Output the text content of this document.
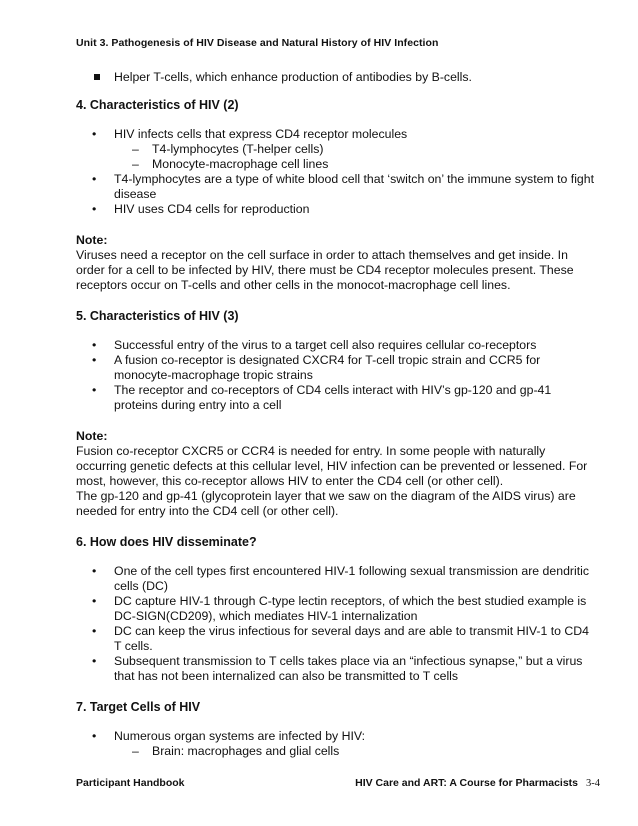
Unit 3. Pathogenesis of HIV Disease and Natural History of HIV Infection

Helper T-cells, which enhance production of antibodies by B-cells.

4. Characteristics of HIV (2)

• HIV infects cells that express CD4 receptor molecules
– T4-lymphocytes (T-helper cells)
– Monocyte-macrophage cell lines
• T4-lymphocytes are a type of white blood cell that ‘switch on’ the immune system to fight disease
• HIV uses CD4 cells for reproduction

Note:

Viruses need a receptor on the cell surface in order to attach themselves and get inside. In order for a cell to be infected by HIV, there must be CD4 receptor molecules present. These receptors occur on T-cells and other cells in the monocot-macrophage cell lines.

5. Characteristics of HIV (3)

• Successful entry of the virus to a target cell also requires cellular co-receptors
• A fusion co-receptor is designated CXCR4 for T-cell tropic strain and CCR5 for monocyte-macrophage tropic strains
• The receptor and co-receptors of CD4 cells interact with HIV’s gp-120 and gp-41 proteins during entry into a cell

Note:

Fusion co-receptor CXCR5 or CCR4 is needed for entry. In some people with naturally occurring genetic defects at this cellular level, HIV infection can be prevented or lessened. For most, however, this co-receptor allows HIV to enter the CD4 cell (or other cell).

The gp-120 and gp-41 (glycoprotein layer that we saw on the diagram of the AIDS virus) are needed for entry into the CD4 cell (or other cell).

6. How does HIV disseminate?

• One of the cell types first encountered HIV-1 following sexual transmission are dendritic cells (DC)
• DC capture HIV-1 through C-type lectin receptors, of which the best studied example is DC-SIGN(CD209), which mediates HIV-1 internalization
• DC can keep the virus infectious for several days and are able to transmit HIV-1 to CD4 T cells.
• Subsequent transmission to T cells takes place via an “infectious synapse,” but a virus that has not been internalized can also be transmitted to T cells

7. Target Cells of HIV

• Numerous organ systems are infected by HIV:
– Brain: macrophages and glial cells
Participant Handbook	HIV Care and ART: A Course for Pharmacists 3-4
